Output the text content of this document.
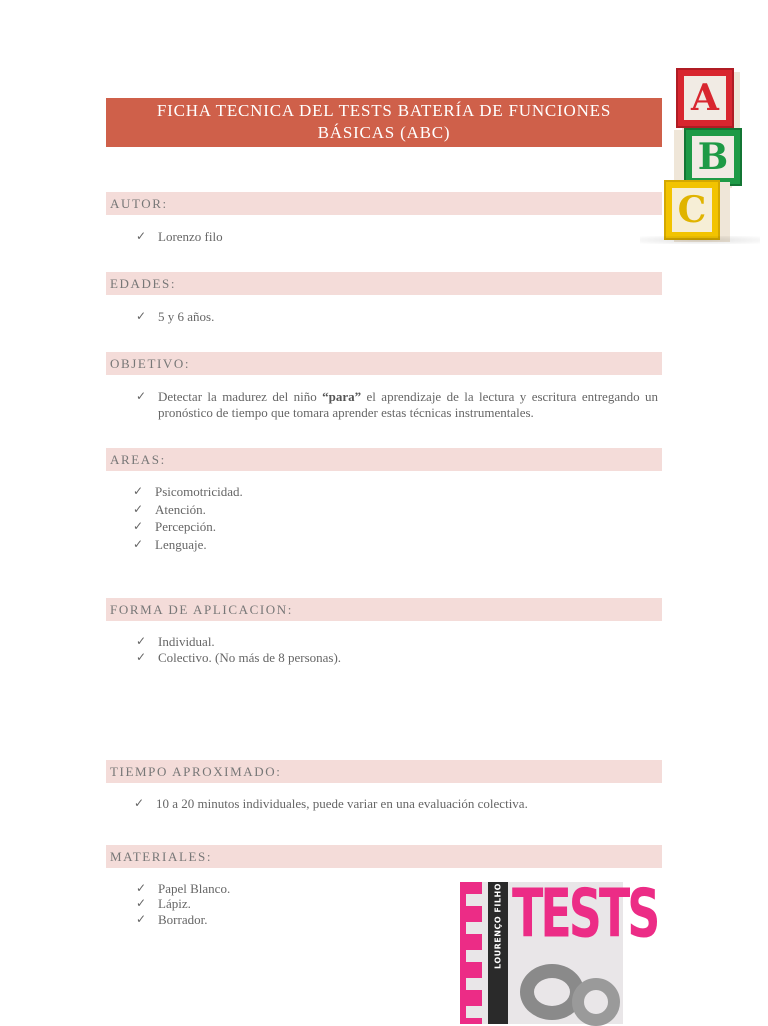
FICHA TECNICA DEL TESTS BATERÍA DE FUNCIONES
BÁSICAS (ABC)
A
B
C
AUTOR:
✓ Lorenzo filo
EDADES:
✓ 5 y 6 años.
OBJETIVO:
✓ Detectar la madurez del niño “para” el aprendizaje de la lectura y escritura entregando un pronóstico de tiempo que tomara aprender estas técnicas instrumentales.
AREAS:
✓ Psicomotricidad.
✓ Atención.
✓ Percepción.
✓ Lenguaje.
FORMA DE APLICACION:
✓ Individual.
✓ Colectivo. (No más de 8 personas).
TIEMPO APROXIMADO:
✓ 10 a 20 minutos individuales, puede variar en una evaluación colectiva.
MATERIALES:
✓ Papel Blanco.
✓ Lápiz.
✓ Borrador.	LOURENÇO FILHO TESTS
